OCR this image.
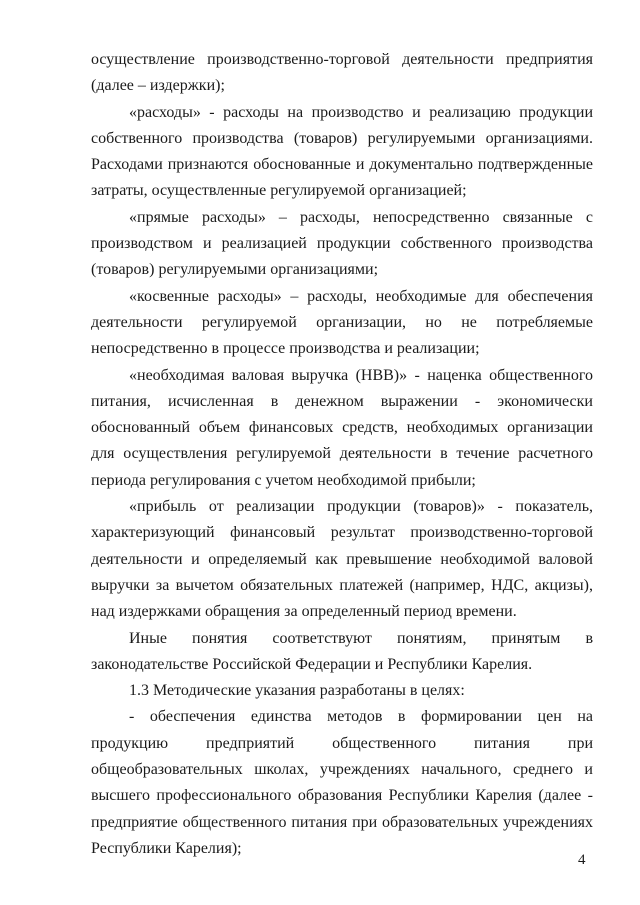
осуществление производственно-торговой деятельности предприятия (далее – издержки);

«расходы» - расходы на производство и реализацию продукции собственного производства (товаров) регулируемыми организациями. Расходами признаются обоснованные и документально подтвержденные затраты, осуществленные регулируемой организацией;

«прямые расходы» – расходы, непосредственно связанные с производством и реализацией продукции собственного производства (товаров) регулируемыми организациями;

«косвенные расходы» – расходы, необходимые для обеспечения деятельности регулируемой организации, но не потребляемые непосредственно в процессе производства и реализации;

«необходимая валовая выручка (НВВ)» - наценка общественного питания, исчисленная в денежном выражении - экономически обоснованный объем финансовых средств, необходимых организации для осуществления регулируемой деятельности в течение расчетного периода регулирования с учетом необходимой прибыли;

«прибыль от реализации продукции (товаров)» - показатель, характеризующий финансовый результат производственно-торговой деятельности и определяемый как превышение необходимой валовой выручки за вычетом обязательных платежей (например, НДС, акцизы), над издержками обращения за определенный период времени.

Иные понятия соответствуют понятиям, принятым в законодательстве Российской Федерации и Республики Карелия.

1.3 Методические указания разработаны в целях:

- обеспечения единства методов в формировании цен на продукцию предприятий общественного питания при общеобразовательных школах, учреждениях начального, среднего и высшего профессионального образования Республики Карелия (далее - предприятие общественного питания при образовательных учреждениях Республики Карелия);

4
